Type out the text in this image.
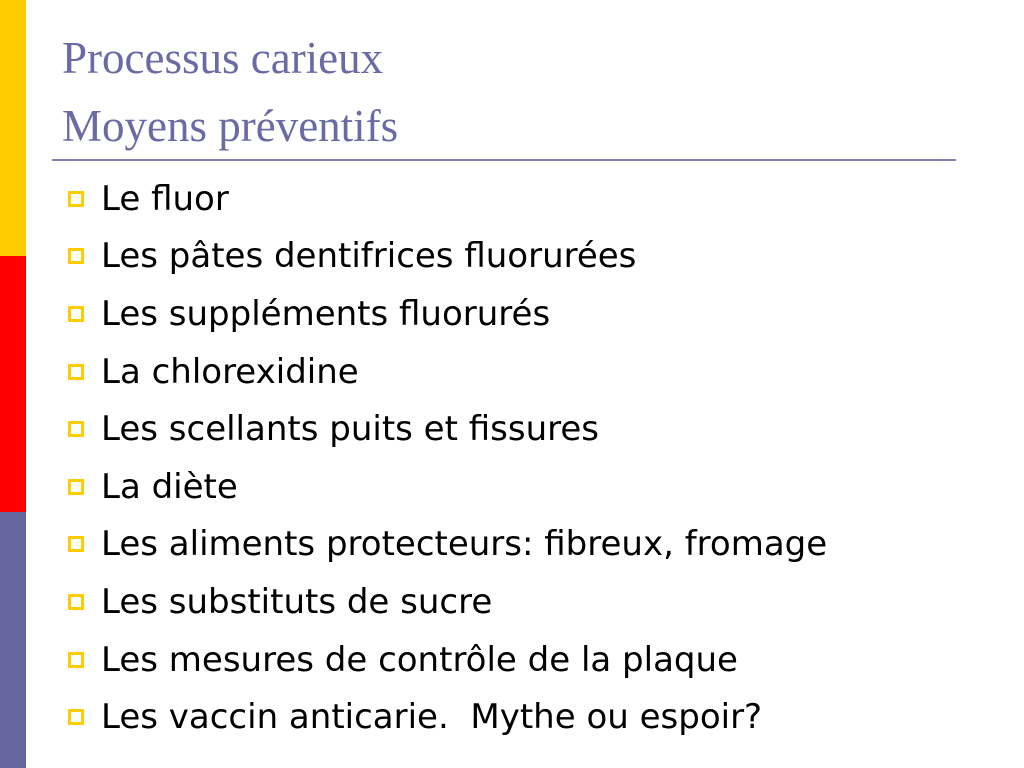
Processus carieux
Moyens préventifs
Le fluor
Les pâtes dentifrices fluorurées
Les suppléments fluorurés
La chlorexidine
Les scellants puits et fissures
La diète
Les aliments protecteurs: fibreux, fromage
Les substituts de sucre
Les mesures de contrôle de la plaque
Les vaccin anticarie.  Mythe ou espoir?
